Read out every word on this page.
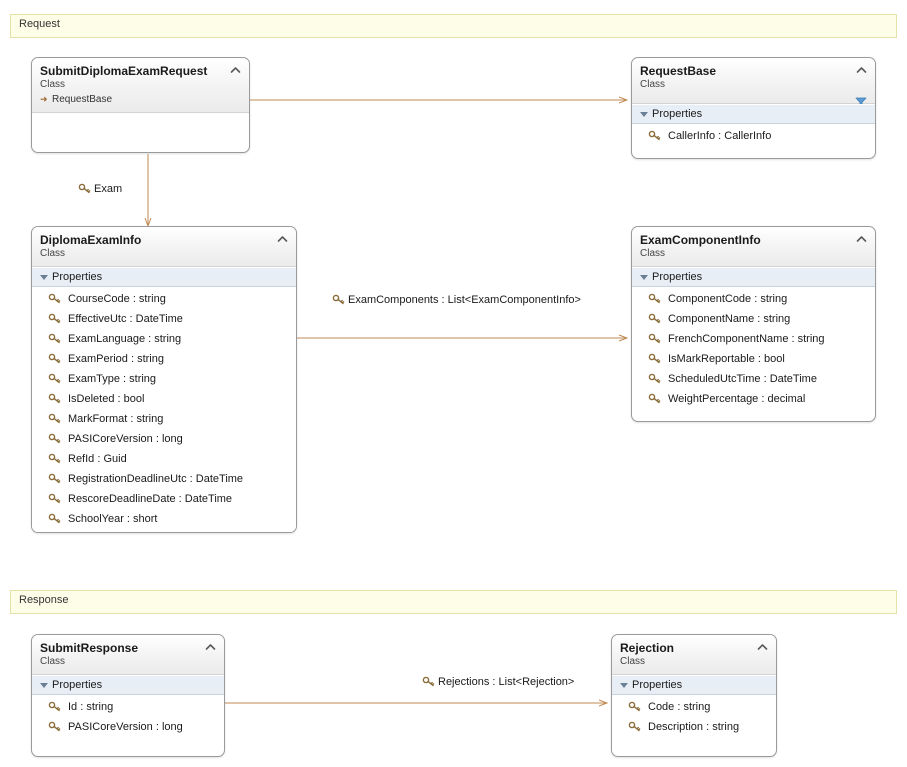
Request
Response
Exam
ExamComponents : List<ExamComponentInfo>
Rejections : List<Rejection>
SubmitDiplomaExamRequest
Class
➜ RequestBase
RequestBase
Class
Properties
CallerInfo : CallerInfo
DiplomaExamInfo
Class
Properties
CourseCode : string
EffectiveUtc : DateTime
ExamLanguage : string
ExamPeriod : string
ExamType : string
IsDeleted : bool
MarkFormat : string
PASICoreVersion : long
RefId : Guid
RegistrationDeadlineUtc : DateTime
RescoreDeadlineDate : DateTime
SchoolYear : short
ExamComponentInfo
Class
Properties
ComponentCode : string
ComponentName : string
FrenchComponentName : string
IsMarkReportable : bool
ScheduledUtcTime : DateTime
WeightPercentage : decimal
SubmitResponse
Class
Properties
Id : string
PASICoreVersion : long
Rejection
Class
Properties
Code : string
Description : string
